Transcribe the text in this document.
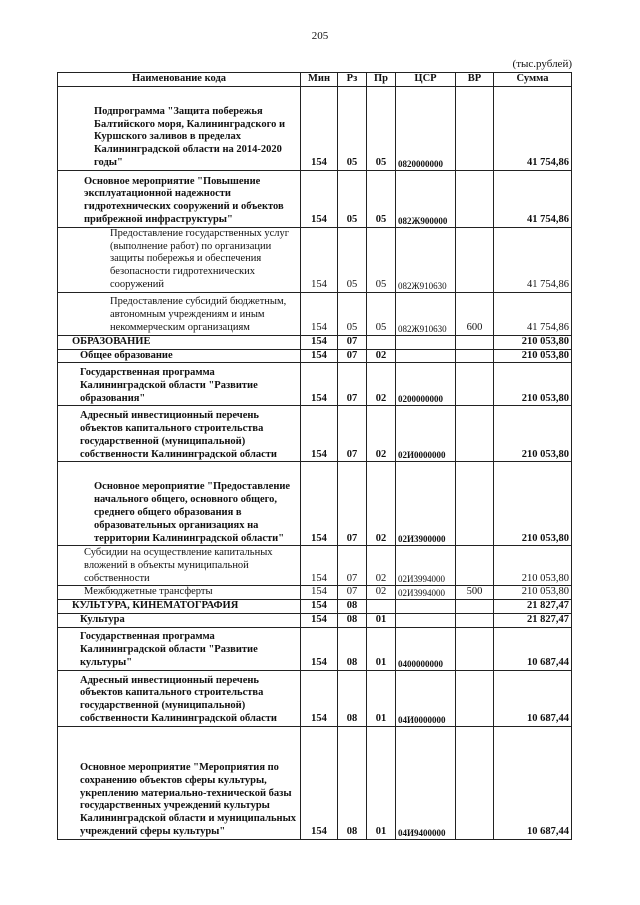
205
(тыс.рублей)
Наименование кода	Мин	Рз	Пр	ЦСР	ВР	Сумма
Подпрограмма "Защита побережья Балтийского моря, Калининградского и Куршского заливов в пределах Калининградской области на 2014-2020 годы"	154	05	05	0820000000		41 754,86
Основное мероприятие "Повышение эксплуатационной надежности гидротехнических сооружений и объектов прибрежной инфраструктуры"	154	05	05	082Ж900000		41 754,86
Предоставление государственных услуг (выполнение работ) по организации защиты побережья и обеспечения безопасности гидротехнических сооружений	154	05	05	082Ж910630		41 754,86
Предоставление субсидий бюджетным, автономным учреждениям и иным некоммерческим организациям	154	05	05	082Ж910630	600	41 754,86
ОБРАЗОВАНИЕ	154	07				210 053,80
Общее образование	154	07	02			210 053,80
Государственная программа Калининградской области "Развитие образования"	154	07	02	0200000000		210 053,80
Адресный инвестиционный перечень объектов капитального строительства государственной (муниципальной) собственности Калининградской области	154	07	02	02И0000000		210 053,80
Основное мероприятие "Предоставление начального общего, основного общего, среднего общего образования в образовательных организациях на территории Калининградской области"	154	07	02	02И3900000		210 053,80
Субсидии на осуществление капитальных вложений в объекты муниципальной собственности	154	07	02	02И3994000		210 053,80
Межбюджетные трансферты	154	07	02	02И3994000	500	210 053,80
КУЛЬТУРА, КИНЕМАТОГРАФИЯ	154	08				21 827,47
Культура	154	08	01			21 827,47
Государственная программа Калининградской области "Развитие культуры"	154	08	01	0400000000		10 687,44
Адресный инвестиционный перечень объектов капитального строительства государственной (муниципальной) собственности Калининградской области	154	08	01	04И0000000		10 687,44
Основное мероприятие "Мероприятия по сохранению объектов сферы культуры, укреплению материально-технической базы государственных учреждений культуры Калининградской области и муниципальных учреждений сферы культуры"	154	08	01	04И9400000		10 687,44
